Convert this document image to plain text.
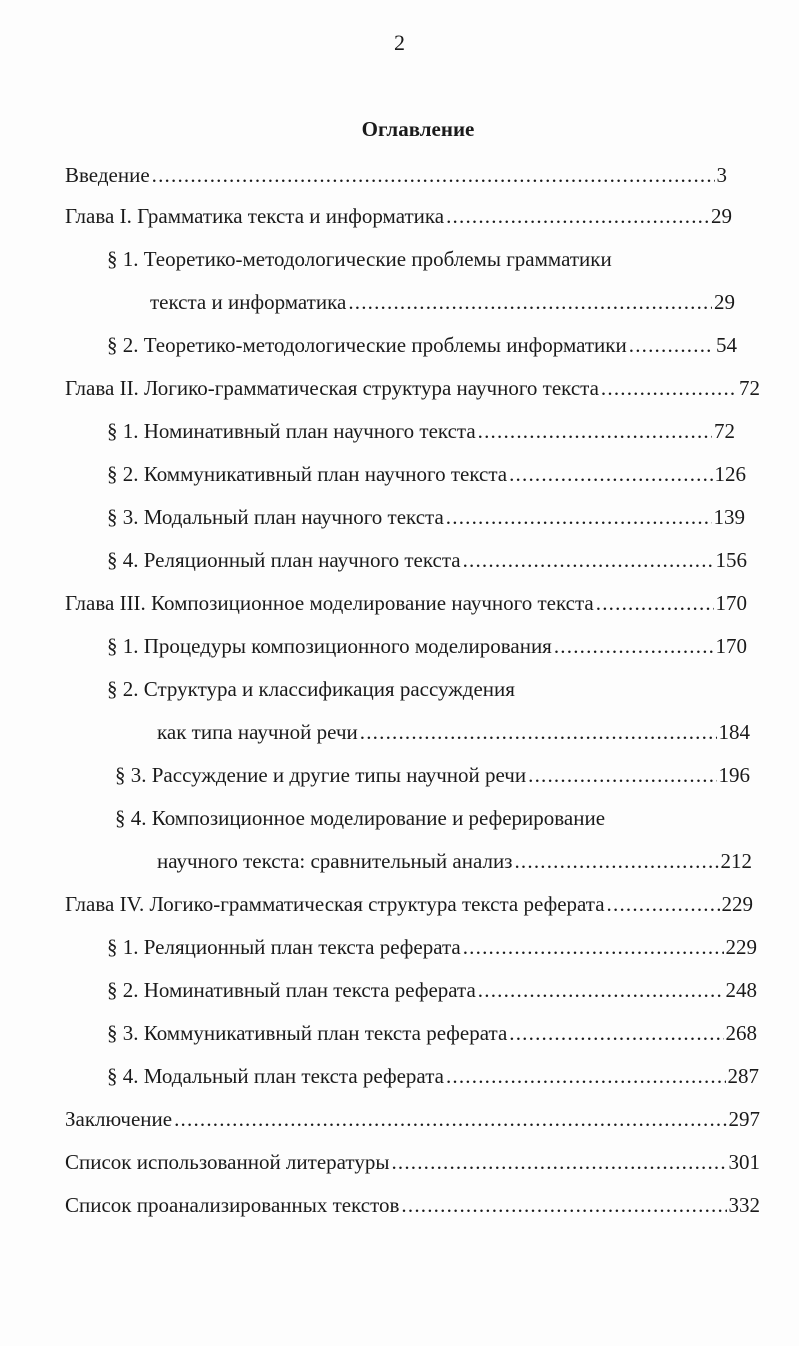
2
Оглавление
Введение .....	3
Глава I. Грамматика текста и информатика .....	29
§ 1. Теоретико-методологические проблемы грамматики
текста и информатика .....	29
§ 2. Теоретико-методологические проблемы информатики .....	54
Глава II. Логико-грамматическая структура научного текста .....	72
§ 1. Номинативный план научного текста .....	72
§ 2. Коммуникативный план научного текста .....	126
§ 3. Модальный план научного текста .....	139
§ 4. Реляционный план научного текста .....	156
Глава III. Композиционное моделирование научного текста .....	170
§ 1. Процедуры композиционного моделирования .....	170
§ 2. Структура и классификация рассуждения
как типа научной речи .....	184
§ 3. Рассуждение и другие типы научной речи .....	196
§ 4. Композиционное моделирование и реферирование
научного текста: сравнительный анализ .....	212
Глава IV. Логико-грамматическая структура текста реферата .....	229
§ 1. Реляционный план текста реферата .....	229
§ 2. Номинативный план текста реферата .....	248
§ 3. Коммуникативный план текста реферата .....	268
§ 4. Модальный план текста реферата .....	287
Заключение .....	297
Список использованной литературы .....	301
Список проанализированных текстов .....	332
